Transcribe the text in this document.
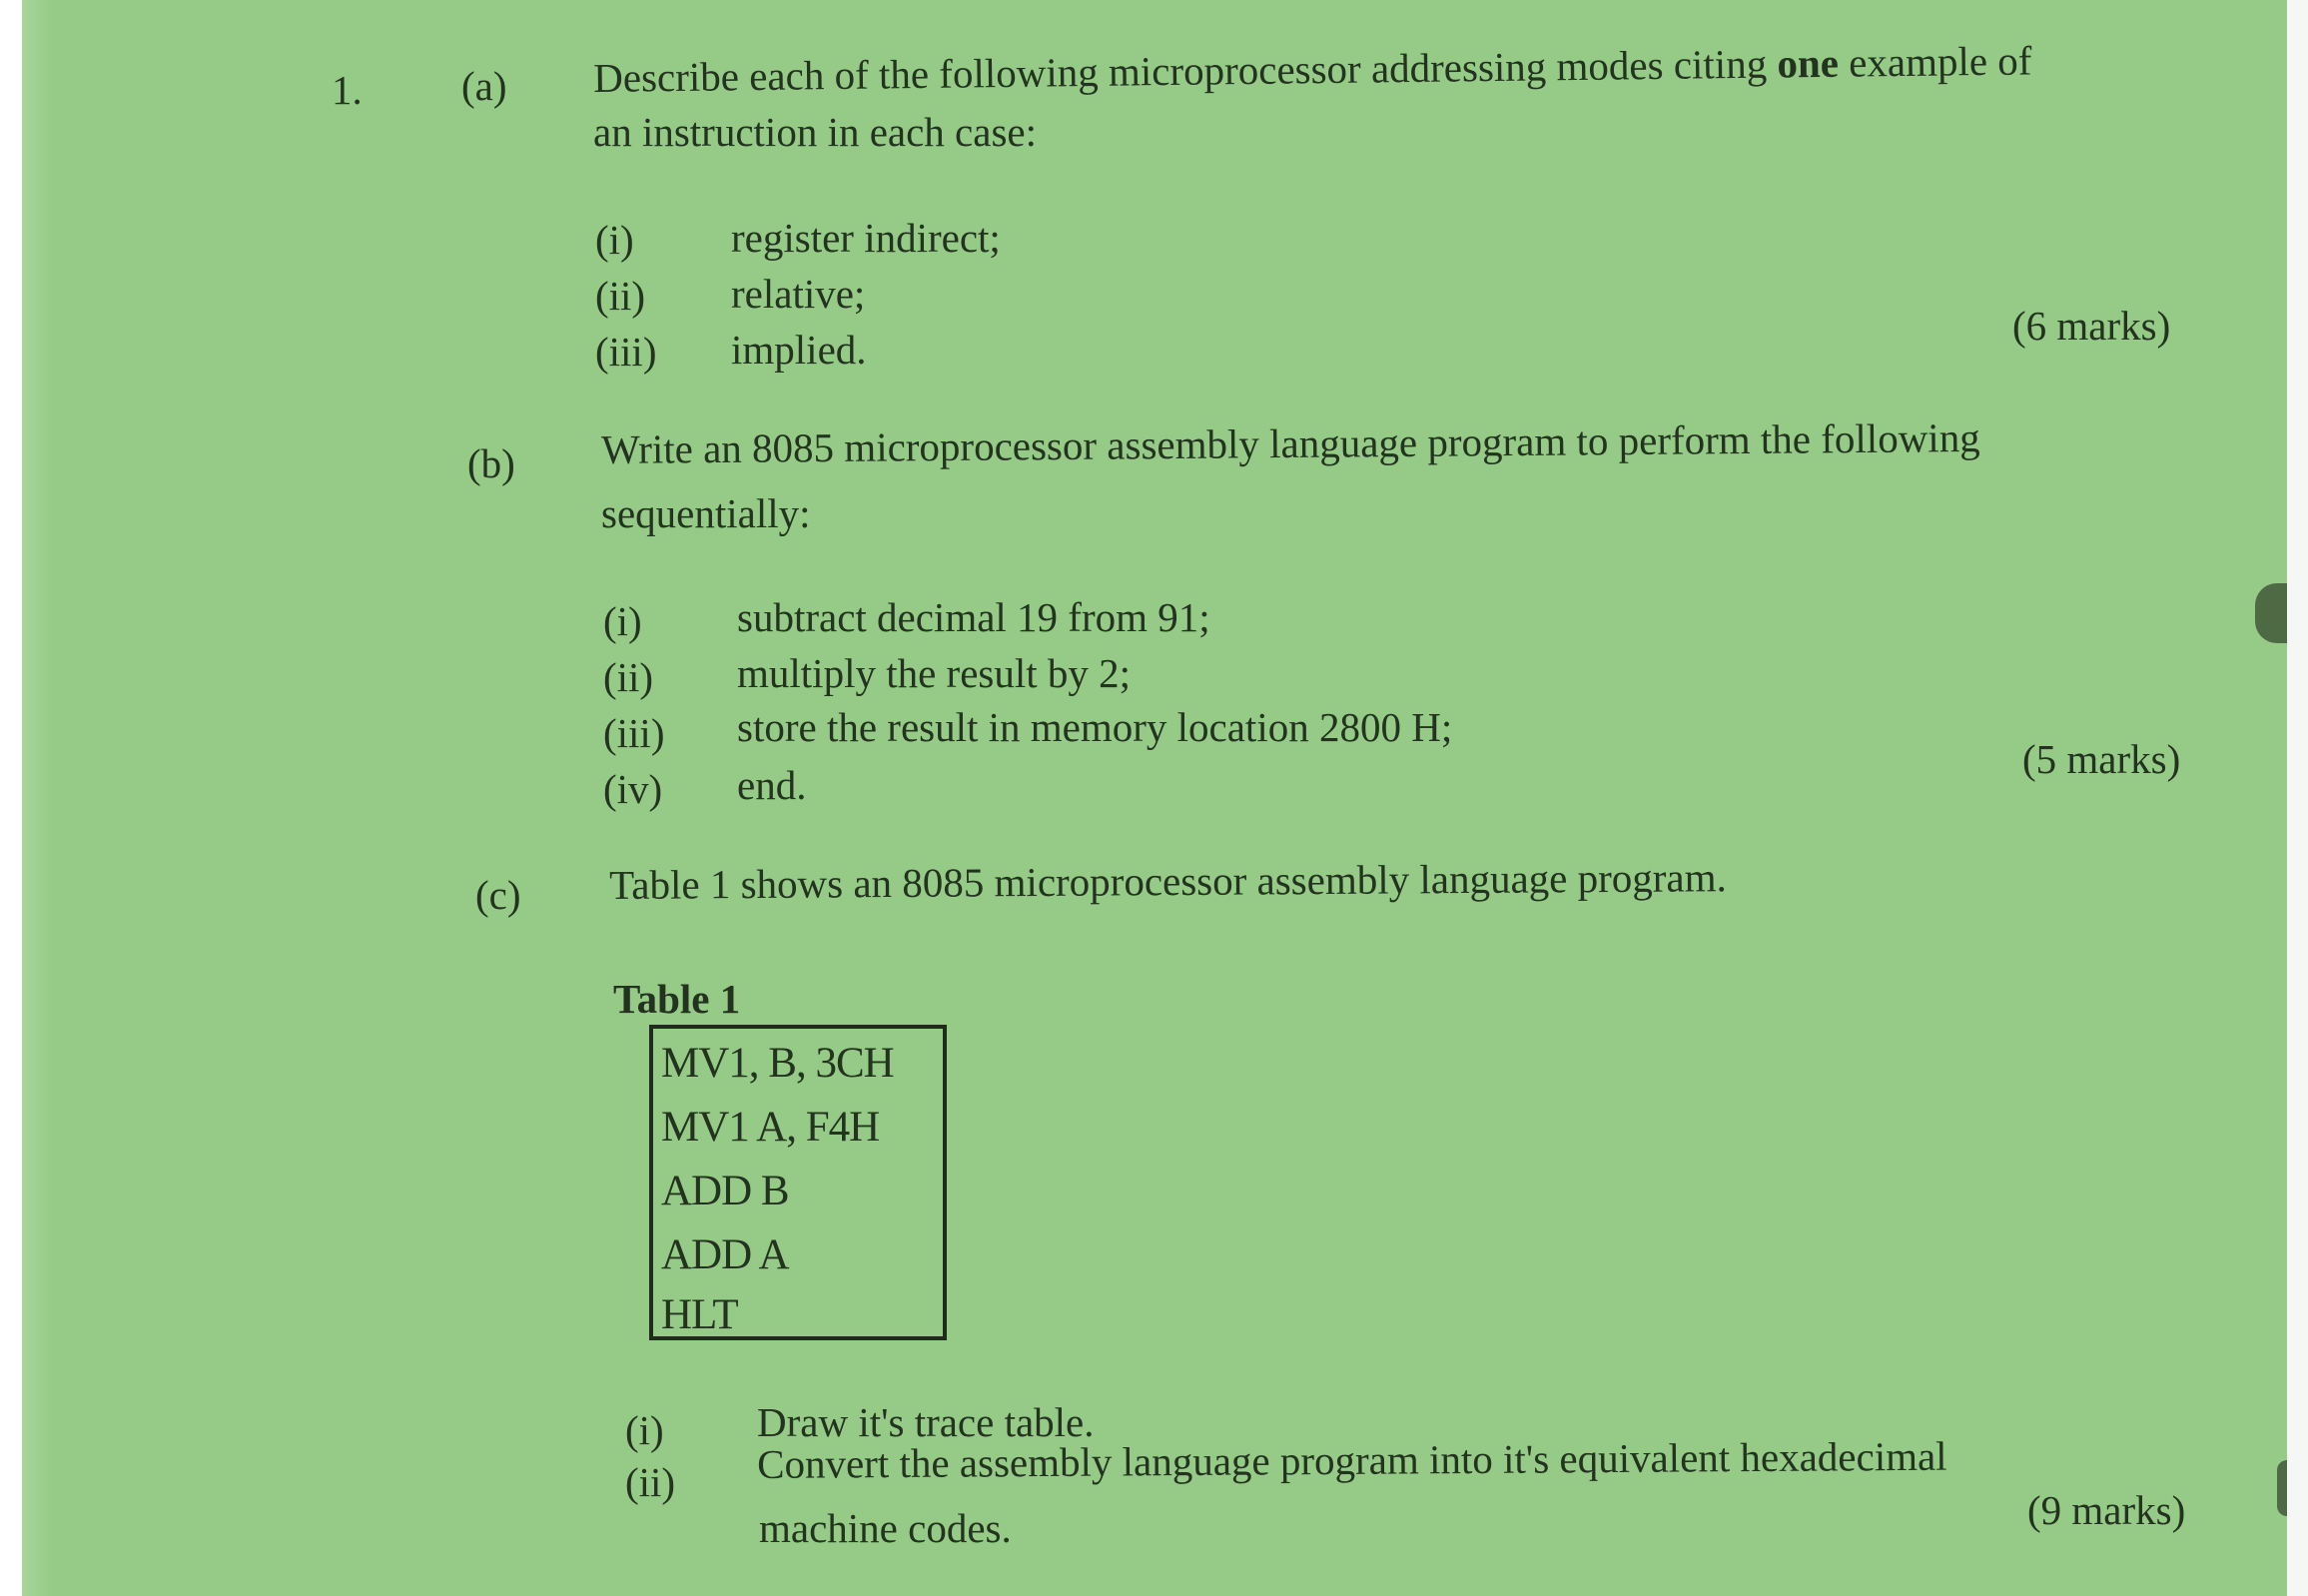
1. (a) Describe each of the following microprocessor addressing modes citing one example of
an instruction in each case:
(i) register indirect;
(ii) relative;
(iii) implied.
(6 marks)
(b) Write an 8085 microprocessor assembly language program to perform the following
sequentially:
(i) subtract decimal 19 from 91;
(ii) multiply the result by 2;
(iii) store the result in memory location 2800 H;
(iv) end.
(5 marks)
(c) Table 1 shows an 8085 microprocessor assembly language program.
Table 1
MV1, B, 3CH
MV1 A, F4H
ADD B
ADD A
HLT
(i) Draw it's trace table.
(ii) Convert the assembly language program into it's equivalent hexadecimal
machine codes.	(9 marks)
